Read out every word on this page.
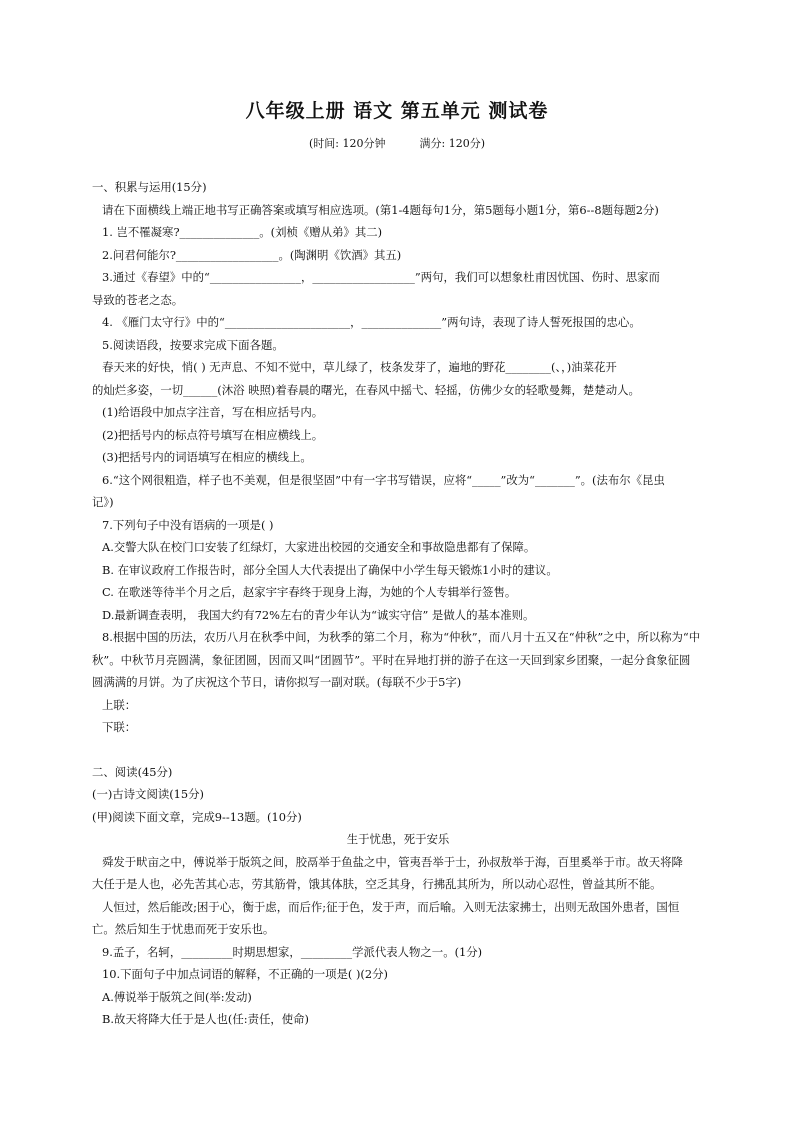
八年级上册 语文 第五单元 测试卷
(时间: 120分钟	满分: 120分)
一、积累与运用(15分)
请在下面横线上端正地书写正确答案或填写相应选项。(第1-4题每句1分，第5题每小题1分，第6--8题每题2分)
1. 岂不罹凝寒?______________。(刘桢《赠从弟》其二)
2.问君何能尔?__________________。(陶渊明《饮酒》其五)
3.通过《春望》中的“________________，__________________”两句，我们可以想象杜甫因忧国、伤时、思家而
导致的苍老之态。
4. 《雁门太守行》中的“______________________，______________”两句诗，表现了诗人誓死报国的忠心。
5.阅读语段，按要求完成下面各题。
春天来的好快，悄( ) 无声息、不知不觉中，草儿绿了，枝条发芽了，遍地的野花________(、，)油菜花开
的灿烂多姿，一切______(沐浴 映照)着春晨的曙光，在春风中摇弋、轻摇，仿佛少女的轻歌曼舞，楚楚动人。
(1)给语段中加点字注音，写在相应括号内。
(2)把括号内的标点符号填写在相应横线上。
(3)把括号内的词语填写在相应的横线上。
6.“这个网很粗造，样子也不美观，但是很坚固”中有一字书写错误，应将“_____”改为“_______”。(法布尔《昆虫
记》)
7.下列句子中没有语病的一项是( )
A.交警大队在校门口安装了红绿灯，大家进出校园的交通安全和事故隐患都有了保障。
B. 在审议政府工作报告时，部分全国人大代表提出了确保中小学生每天锻炼1小时的建议。
C. 在歌迷等待半个月之后，赵家宇宇春终于现身上海，为她的个人专辑举行签售。
D.最新调查表明， 我国大约有72%左右的青少年认为“诚实守信” 是做人的基本准则。
8.根据中国的历法，农历八月在秋季中间，为秋季的第二个月，称为“仲秋”，而八月十五又在“仲秋”之中，所以称为“中
秋”。中秋节月亮圆满，象征团圆，因而又叫“团圆节”。平时在异地打拼的游子在这一天回到家乡团聚，一起分食象征圆
圆满满的月饼。为了庆祝这个节日，请你拟写一副对联。(每联不少于5字)
上联：
下联：
二、阅读(45分)
(一)古诗文阅读(15分)
(甲)阅读下面文章，完成9--13题。(10分)
生于忧患，死于安乐
舜发于畎亩之中，傅说举于版筑之间，胶鬲举于鱼盐之中，管夷吾举于士，孙叔敖举于海，百里奚举于市。故天将降
大任于是人也，必先苦其心志，劳其筋骨，饿其体肤，空乏其身，行拂乱其所为，所以动心忍性，曾益其所不能。
人恒过，然后能改;困于心，衡于虑，而后作;征于色，发于声，而后喻。入则无法家拂士，出则无敌国外患者，国恒
亡。然后知生于忧患而死于安乐也。
9.孟子，名轲，_________时期思想家，_________学派代表人物之一。(1分)
10.下面句子中加点词语的解释，不正确的一项是( )(2分)
A.傅说举于版筑之间(举:发动)
B.故天将降大任于是人也(任:责任，使命)
